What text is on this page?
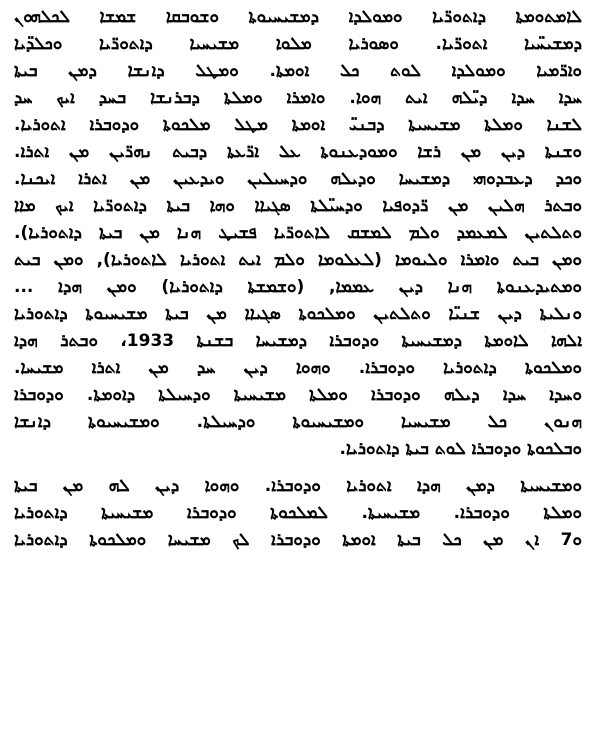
ܠܐܡܬܘܡܬܐ ܕܐܬܘܪ̈ܝܐ ܘܡܘܠܕܐ ܕܡܫܝܚܝܘܬܐ ܘܫܘܒܩܐ ܫܡܫܐ ܠܟܠܗܘܢ
ܕܡܫܝܚ̈ܝܐ ܐܬܘܪ̈ܝܐ. ܘܣܘܪܝܐ ܡܠܘܐ ܡܫܝܚܝܐ ܕܐܬܘܪ̈ܝܐ ܘܟܠܕ̈ܝܐ
ܘܐܪ̈ܡܝܐ ܘܡܘܠܕܐ ܠܘܬ ܟܠ ܐܘܡܬܐ. ܘܡܛܠ ܕܐܢܫܐ ܕܡܢ ܒܝܬܐ
ܚܕܐ ܚܕܐ ܕܝ̈ܠܗ ܐܝܬ ܗܘܐ. ܘܐܡܪܐ ܘܡܠܬܐ ܕܒܪܢܫܐ ܒܚܕ ܐܝܟ ܚܕ
ܠܫܢܐ ܘܡܠܬܐ ܡܫܝܚܝܬܐ ܕܒܢܝ̈ ܐܘܡܬܐ ܡܛܠ ܡܠܟܘܬܐ ܘܕܘܒܪܐ ܐܬܘܪܝܐ.
ܘܫܢܬܐ ܕܝܢ ܡܢ ܪܫܐ ܘܡܘܕܥܢܘܬܐ ܥܠ ܐܪ̈ܥܬܐ ܕܒܝܬ ܢܗܪ̈ܝܢ ܡܢ ܐܬܪܐ.
ܘܟܕ ܕܥܒܕܘܗܝ ܕܡܫܝܚܐ ܘܕܝܠܗ ܘܕܚܝܠܝܢ ܘܝܕܥܝܢ ܡܢ ܐܬܪܐ ܐܝܟܢܐ.
ܘܒܬܪ ܗܠܝܢ ܡܢ ܪ̈ܕܘܦܝܐ ܘܕܚܝ̈ܠܬܐ ܣܓܝܐܐ ܘܗܐ ܒܝܬܐ ܕܐܬܘܪ̈ܝܐ ܐܝܟ ܡܐܐ
ܘܬܠܬܝܢ ܠܡܥܡܕ ܘܠܡ ܠܡܫܩ ܠܐܬܘܪ̈ܝܐ ܦܫܝܛ ܗܢܐ ܡܢ ܒܝܬܐ ܕܐܬܘܪܝܐ).
ܘܡܢ ܒܝܬ ܘܐܡܪܐ ܘܠܝܘܡܐ (ܠܥܠܘܡܐ ܘܠܡ ܐܝܬ ܐܬܘܪܝܐ ܠܐܬܘܪܝܐ), ܘܡܢ ܒܝܬ
ܘܡܬܝܕܥܢܘܬܐ ܗܢܐ ܕܝܢ ܥܡܡܐ, (ܘܫܡܫܬܐ ܕܐܬܘܪܝܐ) ܘܡܢ ܗܕܐ ...
ܘܢܠܝܬܐ ܕܝܢ ܫܢܝ̈ܐ ܘܬܠܬܝܢ ܘܡܠܟܘܬܐ ܣܓܝܐܐ ܡܢ ܒܝܬܐ ܡܫܝܚܝܘܬܐ ܕܐܬܘܪܝܐ
ܐܠܗܐ ܠܐܘܡܬܐ ܕܡܫܝܚܝܬܐ ܘܕܘܒܪܐ ܕܡܫܝܚܐ ܒܫܢܬܐ 1933، ܘܒܬܪ ܗܕܐ
ܘܡܠܟܘܬܐ ܕܐܬܘܪܝܐ ܘܕܘܒܪܐ. ܘܗܘܐ ܕܝܢ ܚܕ ܡܢ ܐܬܪܐ ܡܫܝܚܐ.
ܘܚܕܐ ܚܕܐ ܕܝܠܗ ܘܕܘܒܪܐ ܘܡܠܬܐ ܡܫܝܚܝܬܐ ܘܕܚܝܠܬܐ ܕܐܘܡܬܐ. ܘܕܘܒܪܐ
ܗܢܘܢ ܟܠ ܡܫܝܚܝܐ ܘܡܫܝܚܝܘܬܐ ܘܕܚܝܠܬܐ. ܘܡܫܝܚܝܘܬܐ ܕܐܢܫܐ
ܘܒܠܟܘܬܐ ܘܕܘܒܪܐ ܠܘܬ ܒܝܬܐ ܕܐܬܘܪܝܐ.
ܘܡܫܝܚܝܬܐ ܕܡܢ ܗܕܐ ܐܬܘܪܝܐ ܘܕܘܒܪܐ. ܘܗܘܐ ܕܝܢ ܠܗ ܡܢ ܒܝܬܐ
ܘܡܠܬܐ ܘܕܘܒܪܐ. ܡܫܝܚܝܬܐ. ܠܡܠܟܘܬܐ ܘܕܘܒܪܐ ܡܫܝܚܝܬܐ ܕܐܬܘܪܝܐ
ܘ7 ܐܢ ܡܢ ܟܠ ܒܝܬܐ ܐܘܡܬܐ ܘܕܘܒܪܐ ܠܟ ܡܫܝܚܐ ܘܡܠܟܘܬܐ ܕܐܬܘܪܝܐ
